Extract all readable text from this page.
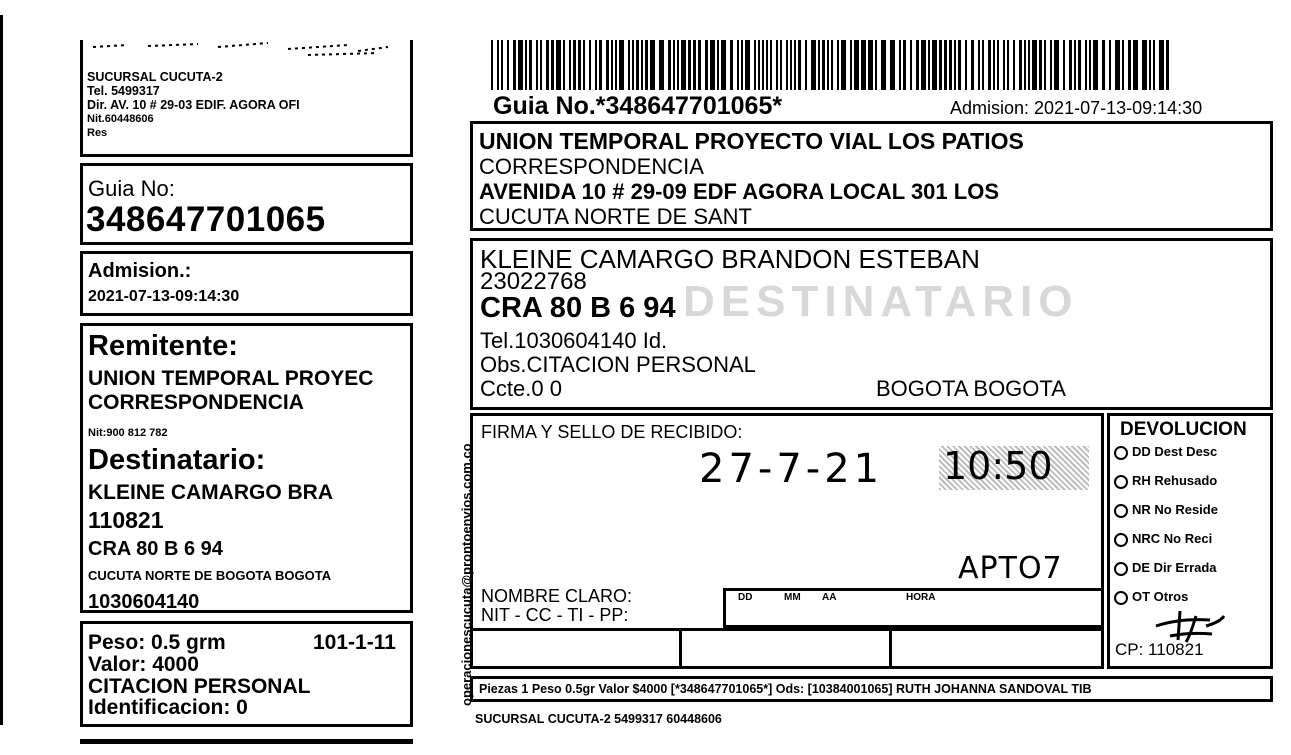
SUCURSAL CUCUTA-2
Tel. 5499317
Dir. AV. 10 # 29-03 EDIF. AGORA OFI
Nit.60448606
Res
Guia No:
348647701065
Admision.:
2021-07-13-09:14:30
Remitente:
UNION TEMPORAL PROYEC
CORRESPONDENCIA
Nit:900 812 782
Destinatario:
KLEINE CAMARGO BRA
110821
CRA 80 B 6 94
CUCUTA NORTE DE BOGOTA BOGOTA
1030604140
Peso: 0.5 grm	101-1-11
Valor: 4000
CITACION PERSONAL
Identificacion: 0
operacionescucuta@prontoenvios.com.co
Guia No.*348647701065*	Admision: 2021-07-13-09:14:30
UNION TEMPORAL PROYECTO VIAL LOS PATIOS
CORRESPONDENCIA
AVENIDA 10 # 29-09 EDF AGORA LOCAL 301 LOS
CUCUTA NORTE DE SANT
DESTINATARIO
KLEINE CAMARGO BRANDON ESTEBAN
23022768
CRA 80 B 6 94
Tel.1030604140 Id.
Obs.CITACION PERSONAL
Ccte.0 0	BOGOTA BOGOTA
FIRMA Y SELLO DE RECIBIDO:
27-7-21 10:50
APTO7
NOMBRE CLARO:
NIT - CC - TI - PP:
DD	MM AA	HORA
DEVOLUCION
DD Dest Desc
RH Rehusado
NR No Reside
NRC No Reci
DE Dir Errada
OT Otros
CP: 110821
Piezas 1 Peso 0.5gr Valor $4000 [*348647701065*] Ods: [10384001065] RUTH JOHANNA SANDOVAL TIB
SUCURSAL CUCUTA-2 5499317 60448606
